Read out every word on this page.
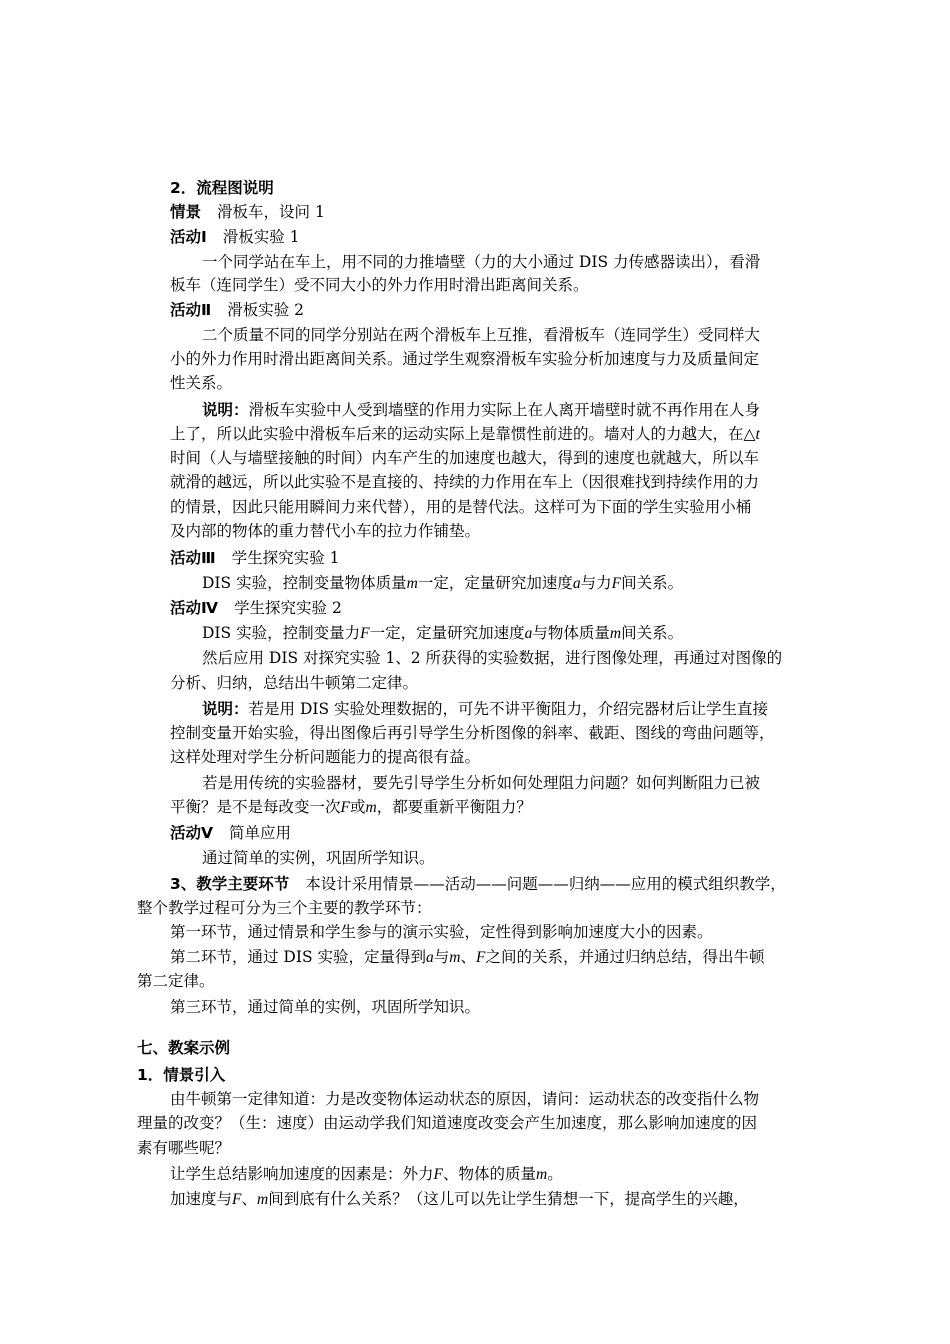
2．流程图说明
情景 滑板车，设问 1
活动Ⅰ 滑板实验 1
一个同学站在车上，用不同的力推墙壁（力的大小通过 DIS 力传感器读出），看滑
板车（连同学生）受不同大小的外力作用时滑出距离间关系。
活动Ⅱ 滑板实验 2
二个质量不同的同学分别站在两个滑板车上互推，看滑板车（连同学生）受同样大
小的外力作用时滑出距离间关系。通过学生观察滑板车实验分析加速度与力及质量间定
性关系。
说明：滑板车实验中人受到墙壁的作用力实际上在人离开墙壁时就不再作用在人身
上了，所以此实验中滑板车后来的运动实际上是靠惯性前进的。墙对人的力越大，在△t
时间（人与墙壁接触的时间）内车产生的加速度也越大，得到的速度也就越大，所以车
就滑的越远，所以此实验不是直接的、持续的力作用在车上（因很难找到持续作用的力
的情景，因此只能用瞬间力来代替），用的是替代法。这样可为下面的学生实验用小桶
及内部的物体的重力替代小车的拉力作铺垫。
活动Ⅲ 学生探究实验 1
DIS 实验，控制变量物体质量m一定，定量研究加速度a与力F间关系。
活动Ⅳ 学生探究实验 2
DIS 实验，控制变量力F一定，定量研究加速度a与物体质量m间关系。
然后应用 DIS 对探究实验 1、2 所获得的实验数据，进行图像处理，再通过对图像的
分析、归纳，总结出牛顿第二定律。
说明：若是用 DIS 实验处理数据的，可先不讲平衡阻力，介绍完器材后让学生直接
控制变量开始实验，得出图像后再引导学生分析图像的斜率、截距、图线的弯曲问题等，
这样处理对学生分析问题能力的提高很有益。
若是用传统的实验器材，要先引导学生分析如何处理阻力问题？如何判断阻力已被
平衡？是不是每改变一次F或m，都要重新平衡阻力？
活动Ⅴ 简单应用
通过简单的实例，巩固所学知识。
3、教学主要环节 本设计采用情景——活动——问题——归纳——应用的模式组织教学，
整个教学过程可分为三个主要的教学环节：
第一环节，通过情景和学生参与的演示实验，定性得到影响加速度大小的因素。
第二环节，通过 DIS 实验，定量得到a与m、F之间的关系，并通过归纳总结，得出牛顿
第二定律。
第三环节，通过简单的实例，巩固所学知识。
七、教案示例
1．情景引入
由牛顿第一定律知道：力是改变物体运动状态的原因，请问：运动状态的改变指什么物
理量的改变？（生：速度）由运动学我们知道速度改变会产生加速度，那么影响加速度的因
素有哪些呢？
让学生总结影响加速度的因素是：外力F、物体的质量m。
加速度与F、m间到底有什么关系？（这儿可以先让学生猜想一下，提高学生的兴趣，
